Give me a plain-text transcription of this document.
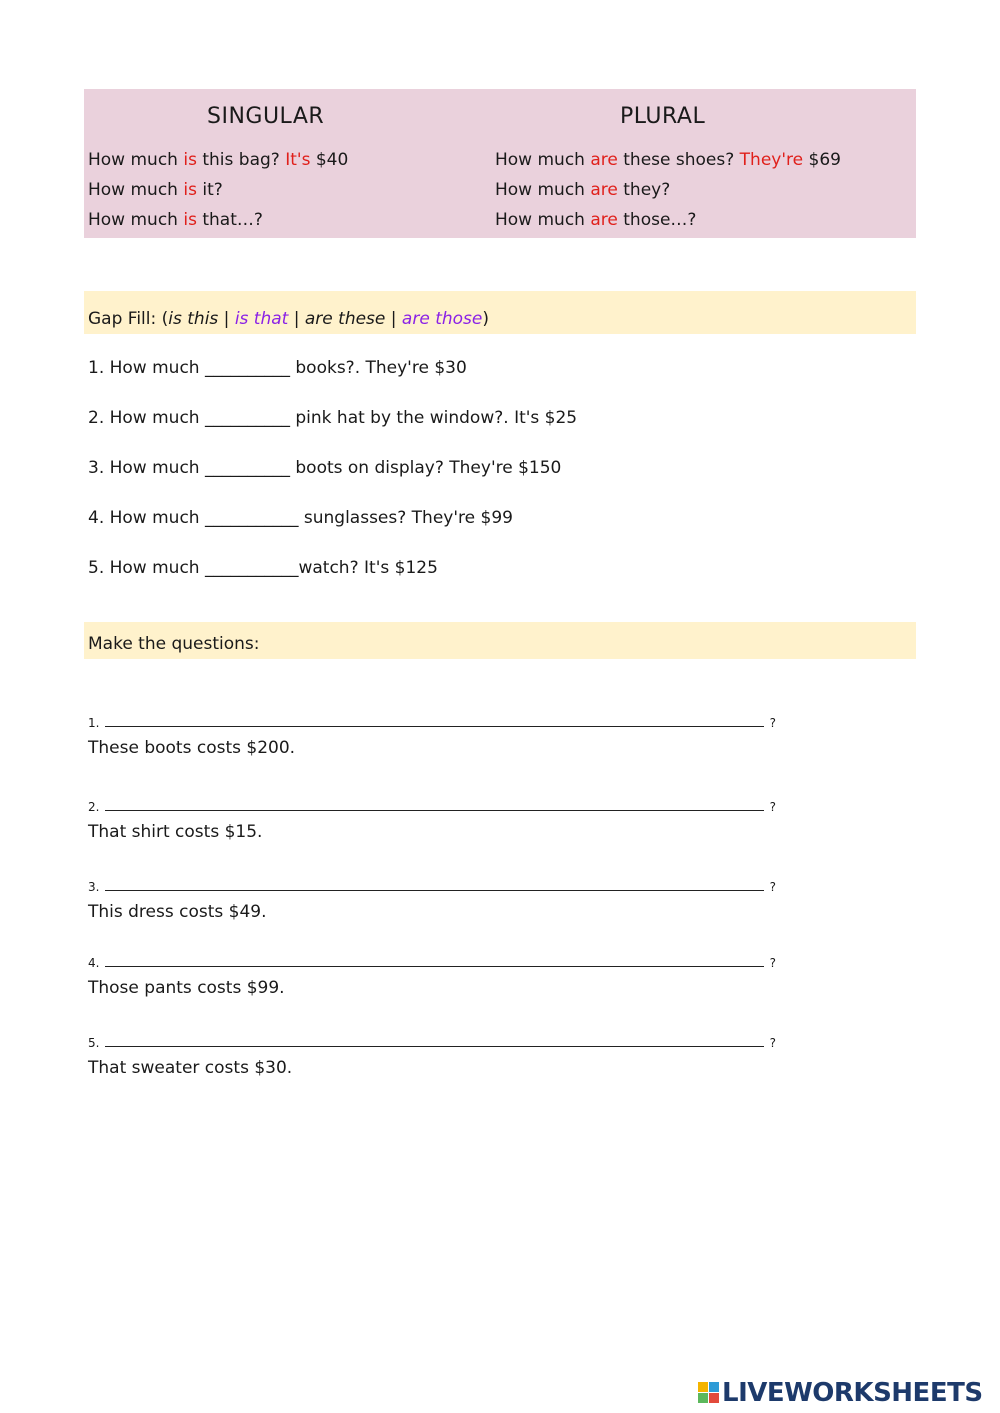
SINGULAR
How much is this bag? It's $40
How much is it?
How much is that…?
PLURAL
How much are these shoes? They're $69
How much are they?
How much are those…?
Gap Fill: (is this | is that | are these | are those)
1. How much __________ books?. They're $30
2. How much __________ pink hat by the window?. It's $25
3. How much __________ boots on display? They're $150
4. How much ___________ sunglasses? They're $99
5. How much ___________watch? It's $125
Make the questions:
1.	?
These boots costs $200.
2.	?
That shirt costs $15.
3.	?
This dress costs $49.
4.	?
Those pants costs $99.
5.	?
That sweater costs $30.
LIVEWORKSHEETS
